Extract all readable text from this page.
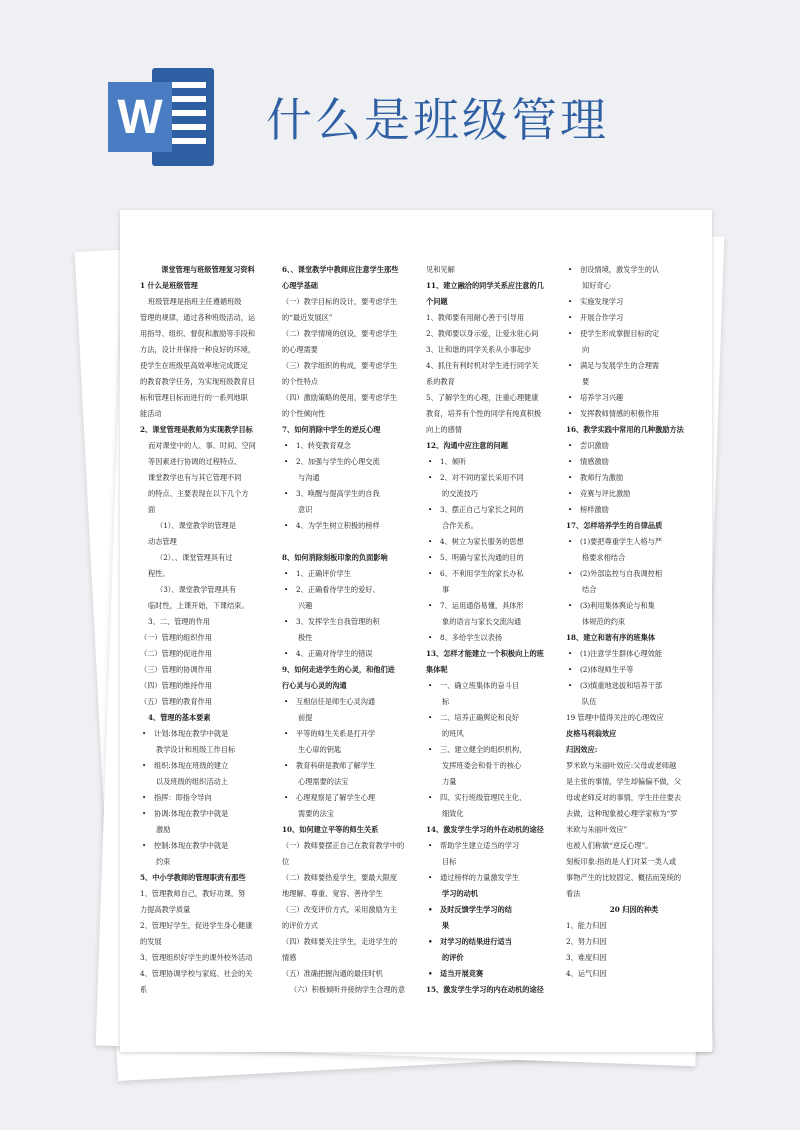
W 什么是班级管理
课堂管理与班级管理复习资料
1 什么是班级管理
班级管理是指班主任遵循班级
管理的规律，通过各种班级活动，运
用指导、组织、督促和激励等手段和
方法，设计并保持一种良好的环境，
使学生在班级里高效率地完成既定
的教育教学任务，为实现班级教育目
标和管理目标而进行的一系列地职
能活动
2、课堂管理是教师为实现教学目标
而对课堂中的人、事、时间、空间
等因素进行协调的过程特点、
课堂教学也有与其它管理不同
的特点、主要表现在以下几个方
面
（1）、课堂教学的管理是
动态管理
（2）、、课堂管理具有过
程性。
（3）、课堂教学管理具有
临时性，上课开始，下课结束。
3、二、管理的作用
（一）管理的组织作用
（二）管理的促进作用
（三）管理的协调作用
（四）管理的维持作用
（五）管理的教育作用
4、管理的基本要素
• 计划:体现在教学中就是
教学设计和班级工作目标
• 组织:体现在班级的建立
以及班级的组织活动上
• 指挥：即指令导向
• 协调:体现在教学中就是
激励
• 控制:体现在教学中就是
约束
5、中小学教师的管理职责有那些
1、管理教师自己，教好功课，努
力提高教学质量
2、管理好学生，促进学生身心健康
的发展
3、管理组织好学生的课外校外活动
4、管理协调学校与家庭、社会的关
系
6、、课堂教学中教师应注意学生那些
心理学基础
（一）教学目标的设计，要考虑学生
的“最近发展区”
（二）教学情境的创设，要考虑学生
的心理需要
（三）教学组织的构成，要考虑学生
的个性特点
（四）激励策略的使用，要考虑学生
的个性倾向性
7、如何消除中学生的逆反心理
• 1、转变教育观念
• 2、加强与学生的心理交流
与沟通
• 3、唤醒与提高学生的自我
意识
• 4、为学生树立积极的榜样

8、如何消除刻板印象的负面影响
• 1、正确评价学生
• 2、正确看待学生的爱好、
兴趣
• 3、发挥学生自我管理的积
极性
• 4、正确对待学生的错误
9、如何走进学生的心灵，和他们进
行心灵与心灵的沟通
• 互相信任是师生心灵沟通
前提
• 平等的师生关系是打开学
生心扉的钥匙
• 教育科研是教师了解学生
心理需要的法宝
• 心理观察是了解学生心理
需要的法宝
10、如何建立平等的师生关系
（一）教师要摆正自己在教育教学中的
位
（二）教师要热爱学生，要最大限度
地理解、尊重、宽容、善待学生
（三）改变评价方式，采用激励为主
的评价方式
（四）教师要关注学生，走进学生的
情感
（五）准确把握沟通的最佳时机
（六）积极倾听并接纳学生合理的意
见和见解
11、建立融洽的同学关系应注意的几
个问题
1、教师要有用耐心善于引导用
2、教师要以身示爱，让爱永驻心间
3、让和谐的同学关系从小事起步
4、抓住有利时机对学生进行同学关
系的教育
5、了解学生的心理，注重心理健康
教育，培养有个性的同学有纯真积极
向上的感情
12、沟通中应注意的问题
• 1、倾听
• 2、对不同的家长采用不同
的交流技巧
• 3、摆正自己与家长之间的
合作关系。
• 4、树立为家长服务的思想
• 5、明确与家长沟通的目的
• 6、不利用学生的家长办私
事
• 7、运用通俗易懂，具体形
象的语言与家长交流沟通
• 8、多给学生以表扬
13、怎样才能建立一个积极向上的班
集体呢
• 一、确立班集体的奋斗目
标
• 二、培养正确舆论和良好
的班风
• 三、建立健全的组织机构，
发挥班委会和骨干的核心
力量
• 四、实行班级管理民主化、
细致化
14、激发学生学习的外在动机的途径
• 帮助学生建立适当的学习
目标
• 通过榜样的力量激发学生
学习的动机
• 及时反馈学生学习的结
果
• 对学习的结果进行适当
的评价
• 适当开展竞赛
15、激发学生学习的内在动机的途径
• 创设情境，激发学生的认
知好奇心
• 实施发现学习
• 开展合作学习
• 使学生形成掌握目标的定
向
• 满足与发展学生的合理需
要
• 培养学习兴趣
• 发挥教师情感的积极作用
16、教学实践中常用的几种激励方法
• 尝识激励
• 情感激励
• 教师行为激励
• 竞赛与评比激励
• 榜样激励
17、怎样培养学生的自律品质
• (1)要把尊重学生人格与严
格要求相结合
• (2)外部监控与自我调控相
结合
• (3)利用集体舆论与和集
体规范的约束
18、建立和谐有序的班集体
• (1)注意学生群体心理效能
• (2)体现师生平等
• (3)慎重地选拔和培养干部
队伍
19 管理中值得关注的心理效应
皮格马利翁效应
归因效应:
罗米欧与朱丽叶效应:父母或老师越
是主张的事情，学生却偏偏不做，父
母或老师反对的事情，学生往往要去
去做，这种现象被心理学家称为“罗
米欧与朱丽叶效应”
也被人们称做“逆反心理”。
刻板印象:指的是人们对某一类人或
事物产生的比较固定、概括而笼统的
看法
20 归因的种类
1、能力归因
2、努力归因
3、难度归因
4、运气归因
